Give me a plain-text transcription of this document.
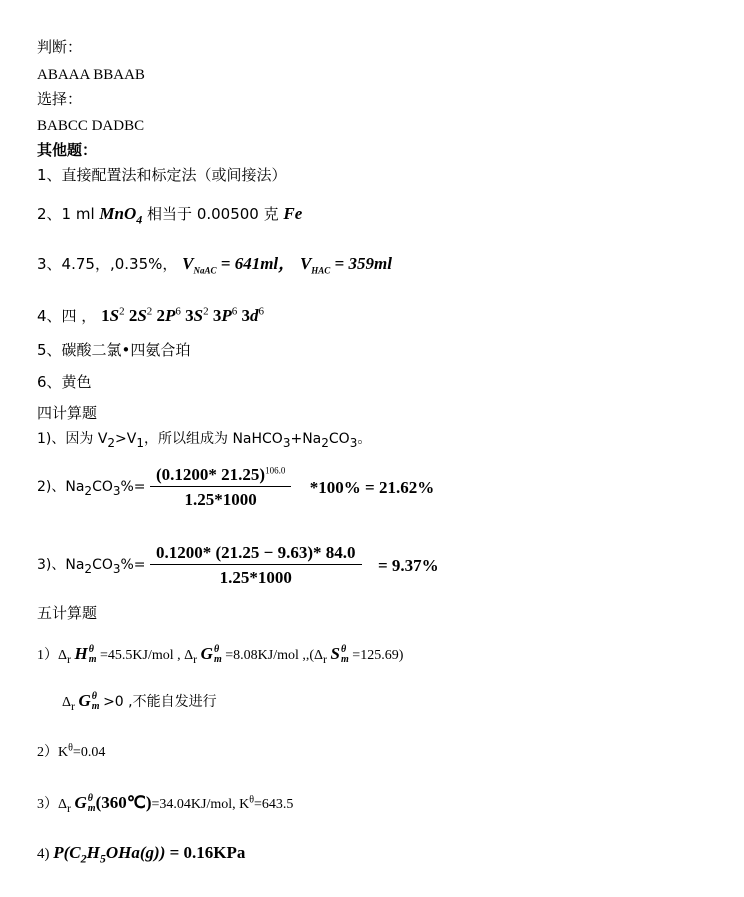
判断：
ABAAA BBAAB
选择：
BABCC DADBC
其他题：
1、直接配置法和标定法（或间接法）
2、1 ml MnO$_4$ 相当于 0.00500 克 Fe
3、4.75，,0.35%， $V_{NaAC} = 641ml$， $V_{HAC} = 359ml$
4、四 ， $1S^2$ $2S^2$ $2P^6$ $3S^2$ $3P^6$ $3d^6$
5、碳酸二氯•四氨合珀
6、黄色
四计算题
1)、因为 $V_2>V_1$，所以组成为 $NaHCO_3+Na_2CO_3$。
2)、$Na_2CO_3\%= \frac{(0.1200* 21.25)^{106.0}}{1.25*1000} *100\% = 21.62\%$
3)、$Na_2CO_3\%= \frac{0.1200* (21.25 - 9.63)* 84.0}{1.25*1000} = 9.37\%$
五计算题
$1)\Delta_r$ H θ
m =45.5KJ/mol , $\Delta_r$ G θ
m =8.08KJ/mol $,,(\Delta_r$ S θ
m =125.69)
$\Delta_r$ G θ
m >0 ,不能自发进行
$2)K^\theta=0.04$
$3)\Delta_r$ G θ
m (360℃)=34.04KJ/mol, $K^\theta=643.5$
4) $P(C_2H_5OHa(g)) = 0.16KPa$
